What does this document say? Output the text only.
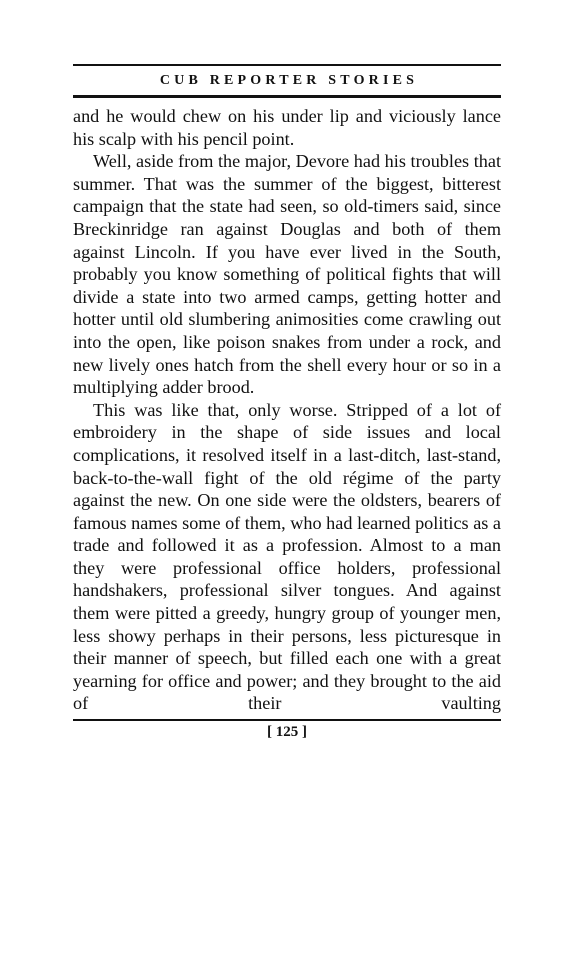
CUB REPORTER STORIES

and he would chew on his under lip and viciously lance his scalp with his pencil point.

Well, aside from the major, Devore had his troubles that summer. That was the summer of the biggest, bitterest campaign that the state had seen, so old-timers said, since Breckinridge ran against Douglas and both of them against Lincoln. If you have ever lived in the South, probably you know something of political fights that will divide a state into two armed camps, getting hotter and hotter until old slumbering animosities come crawling out into the open, like poison snakes from under a rock, and new lively ones hatch from the shell every hour or so in a multiplying adder brood.

This was like that, only worse. Stripped of a lot of embroidery in the shape of side issues and local complications, it resolved itself in a last-ditch, last-stand, back-to-the-wall fight of the old régime of the party against the new. On one side were the oldsters, bearers of famous names some of them, who had learned politics as a trade and followed it as a profession. Almost to a man they were professional office holders, professional handshakers, professional silver tongues. And against them were pitted a greedy, hungry group of younger men, less showy perhaps in their persons, less picturesque in their manner of speech, but filled each one with a great yearning for office and power; and they brought to the aid of their vaulting

[ 125 ]
